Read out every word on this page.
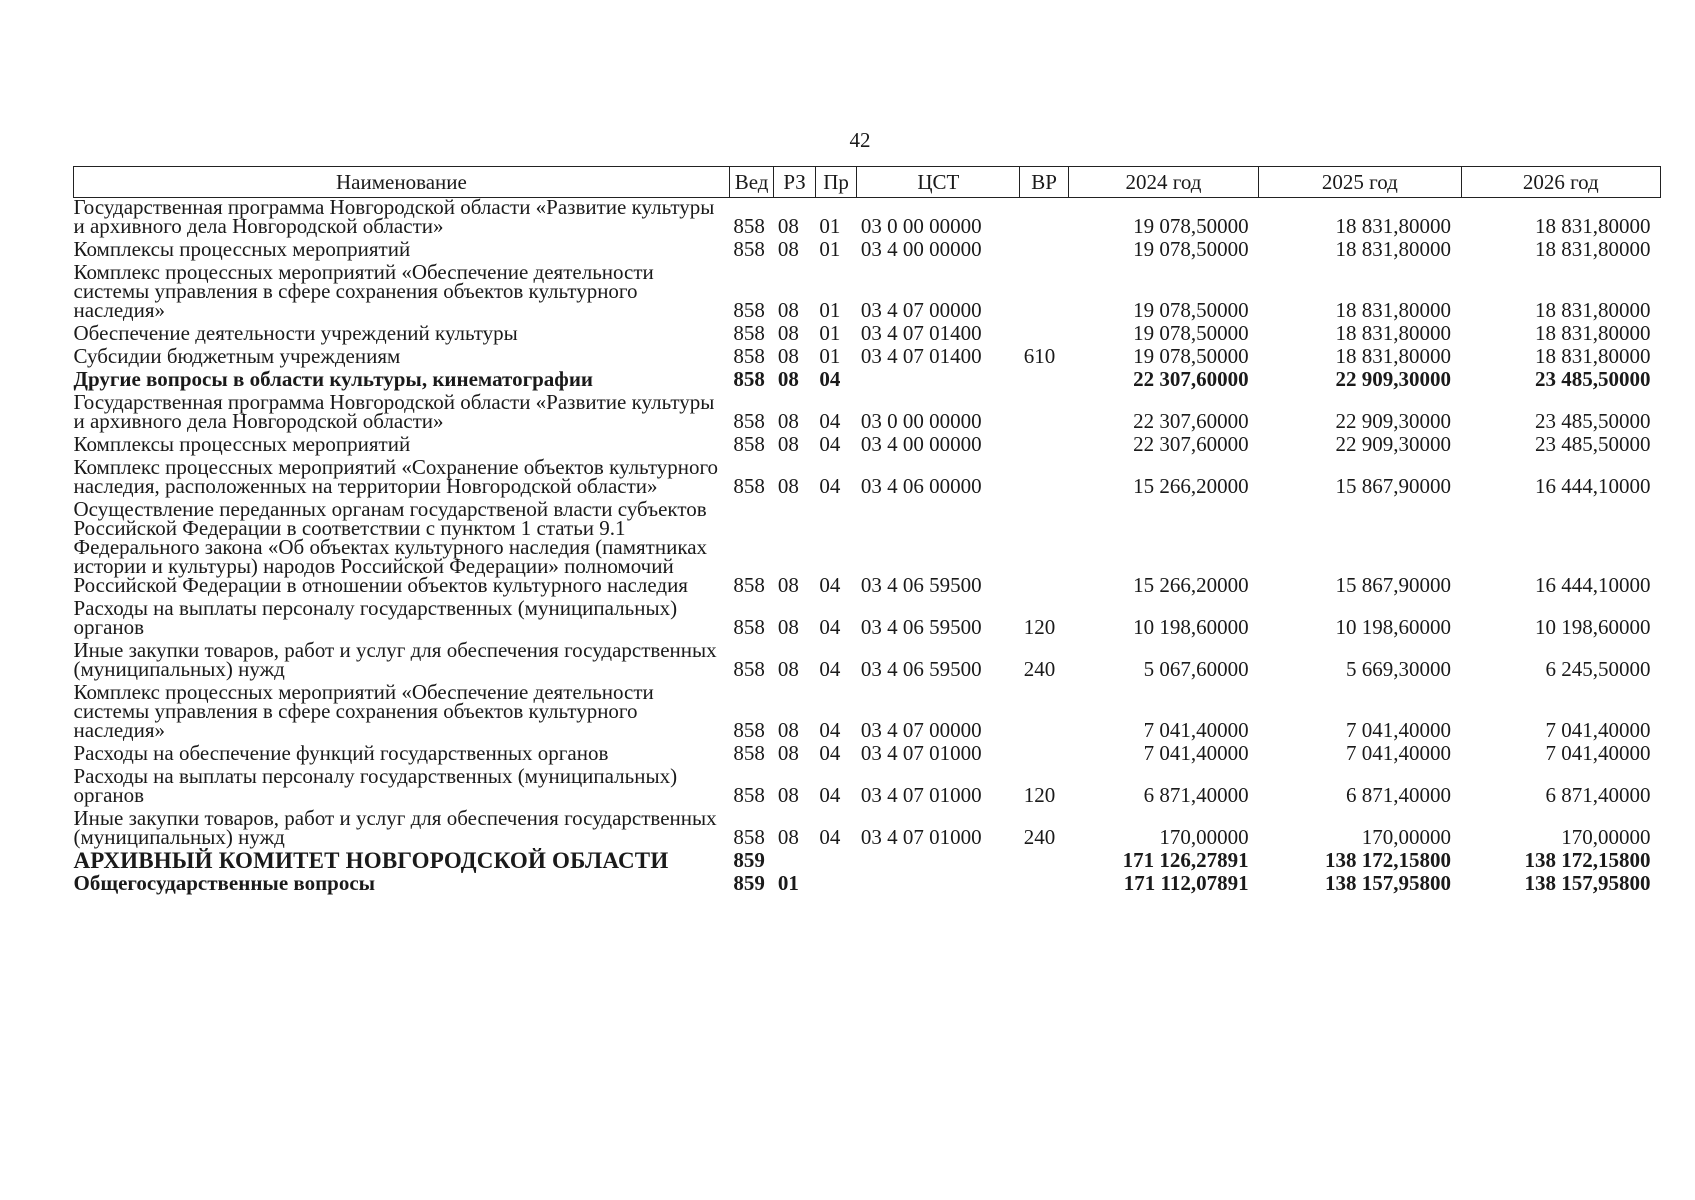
42
Наименование	Вед	РЗ	Пр	ЦСТ	ВР	2024 год	2025 год	2026 год
Государственная программа Новгородской области «Развитие культуры и архивного дела Новгородской области»	858	08	01	03 0 00 00000		19 078,50000	18 831,80000	18 831,80000
Комплексы процессных мероприятий	858	08	01	03 4 00 00000		19 078,50000	18 831,80000	18 831,80000
Комплекс процессных мероприятий «Обеспечение деятельности системы управления в сфере сохранения объектов культурного наследия»	858	08	01	03 4 07 00000		19 078,50000	18 831,80000	18 831,80000
Обеспечение деятельности учреждений культуры	858	08	01	03 4 07 01400		19 078,50000	18 831,80000	18 831,80000
Субсидии бюджетным учреждениям	858	08	01	03 4 07 01400	610	19 078,50000	18 831,80000	18 831,80000
Другие вопросы в области культуры, кинематографии	858	08	04			22 307,60000	22 909,30000	23 485,50000
Государственная программа Новгородской области «Развитие культуры и архивного дела Новгородской области»	858	08	04	03 0 00 00000		22 307,60000	22 909,30000	23 485,50000
Комплексы процессных мероприятий	858	08	04	03 4 00 00000		22 307,60000	22 909,30000	23 485,50000
Комплекс процессных мероприятий «Сохранение объектов культурного наследия, расположенных на территории Новгородской области»	858	08	04	03 4 06 00000		15 266,20000	15 867,90000	16 444,10000
Осуществление переданных органам государственой власти субъектов Российской Федерации в соответствии с пунктом 1 статьи 9.1 Федерального закона «Об объектах культурного наследия (памятниках истории и культуры) народов Российской Федерации» полномочий Российской Федерации в отношении объектов культурного наследия	858	08	04	03 4 06 59500		15 266,20000	15 867,90000	16 444,10000
Расходы на выплаты персоналу государственных (муниципальных) органов	858	08	04	03 4 06 59500	120	10 198,60000	10 198,60000	10 198,60000
Иные закупки товаров, работ и услуг для обеспечения государственных (муниципальных) нужд	858	08	04	03 4 06 59500	240	5 067,60000	5 669,30000	6 245,50000
Комплекс процессных мероприятий «Обеспечение деятельности системы управления в сфере сохранения объектов культурного наследия»	858	08	04	03 4 07 00000		7 041,40000	7 041,40000	7 041,40000
Расходы на обеспечение функций государственных органов	858	08	04	03 4 07 01000		7 041,40000	7 041,40000	7 041,40000
Расходы на выплаты персоналу государственных (муниципальных) органов	858	08	04	03 4 07 01000	120	6 871,40000	6 871,40000	6 871,40000
Иные закупки товаров, работ и услуг для обеспечения государственных (муниципальных) нужд	858	08	04	03 4 07 01000	240	170,00000	170,00000	170,00000
АРХИВНЫЙ КОМИТЕТ НОВГОРОДСКОЙ ОБЛАСТИ	859					171 126,27891	138 172,15800	138 172,15800
Общегосударственные вопросы	859	01				171 112,07891	138 157,95800	138 157,95800
